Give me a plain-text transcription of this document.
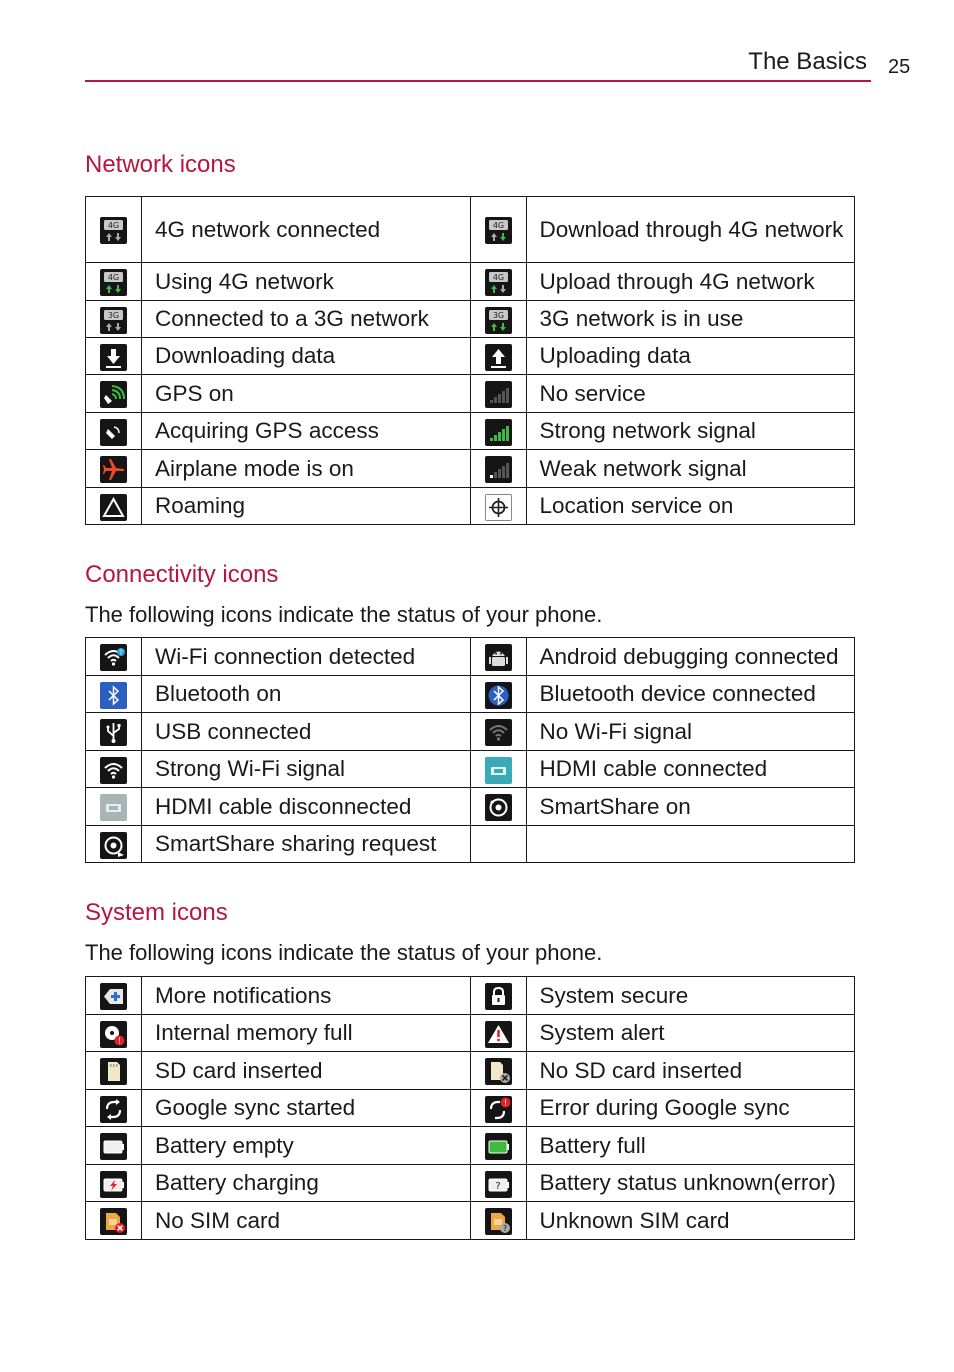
The Basics 25
Network icons
4G	4G network connected	4G	Download through 4G network

4G	Using 4G network	4G	Upload through 4G network

3G	Connected to a 3G network	3G	3G network is in use

	Downloading data		Uploading data

	GPS on		No service

	Acquiring GPS access		Strong network signal

	Airplane mode is on		Weak network signal

	Roaming		Location service on
Connectivity icons
The following icons indicate the status of your phone.
?	Wi-Fi connection detected		Android debugging connected

	Bluetooth on		Bluetooth device connected

	USB connected		No Wi-Fi signal

	Strong Wi-Fi signal		HDMI cable connected

	HDMI cable disconnected		SmartShare on

	SmartShare sharing request		
System icons
The following icons indicate the status of your phone.
	More notifications		System secure

!	Internal memory full		System alert

	SD card inserted		No SD card inserted

	Google sync started	!	Error during Google sync

	Battery empty		Battery full

	Battery charging	?	Battery status unknown(error)

	No SIM card	?	Unknown SIM card
